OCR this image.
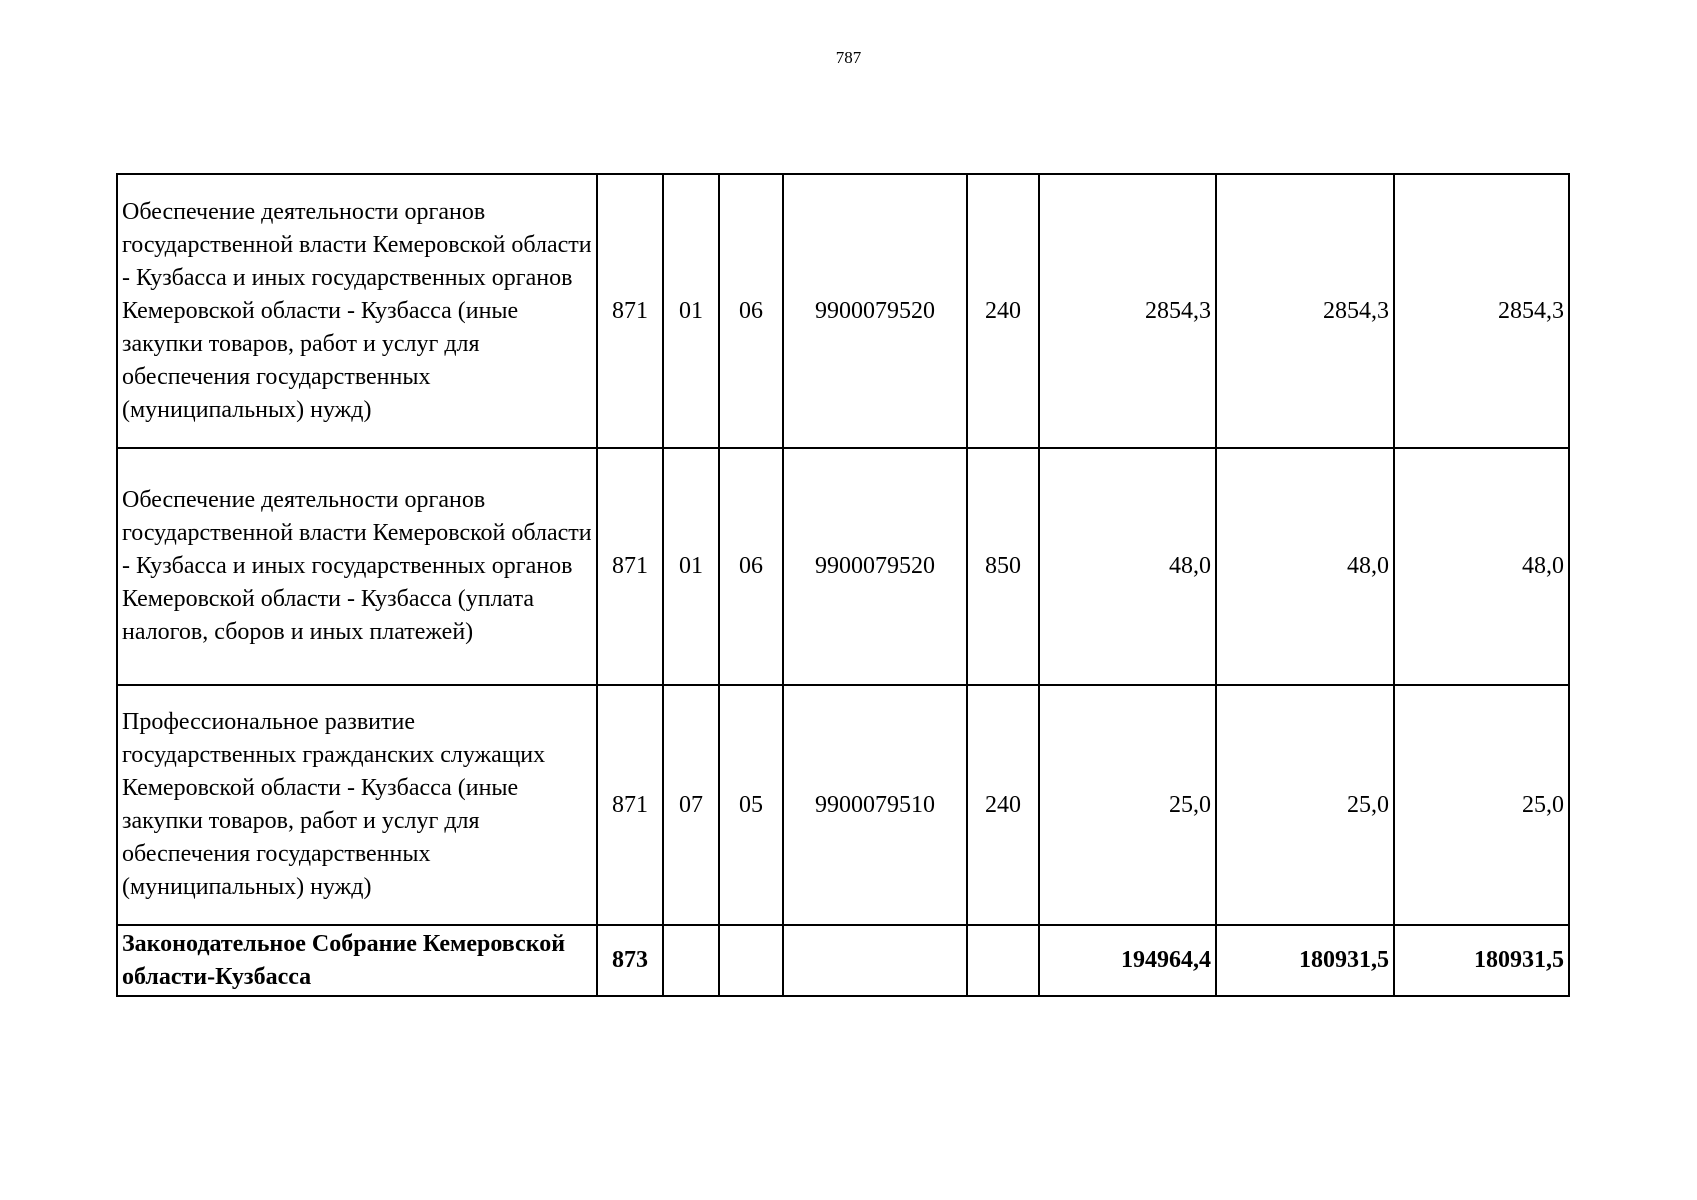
787
Обеспечение деятельности органов государственной власти Кемеровской области - Кузбасса и иных государственных органов Кемеровской области - Кузбасса (иные закупки товаров, работ и услуг для обеспечения государственных (муниципальных) нужд)	871	01	06	9900079520	240	2854,3	2854,3	2854,3
Обеспечение деятельности органов государственной власти Кемеровской области - Кузбасса и иных государственных органов Кемеровской области - Кузбасса (уплата налогов, сборов и иных платежей)	871	01	06	9900079520	850	48,0	48,0	48,0
Профессиональное развитие государственных гражданских служащих Кемеровской области - Кузбасса (иные закупки товаров, работ и услуг для обеспечения государственных (муниципальных) нужд)	871	07	05	9900079510	240	25,0	25,0	25,0
Законодательное Собрание Кемеровской области-Кузбасса	873					194964,4	180931,5	180931,5
